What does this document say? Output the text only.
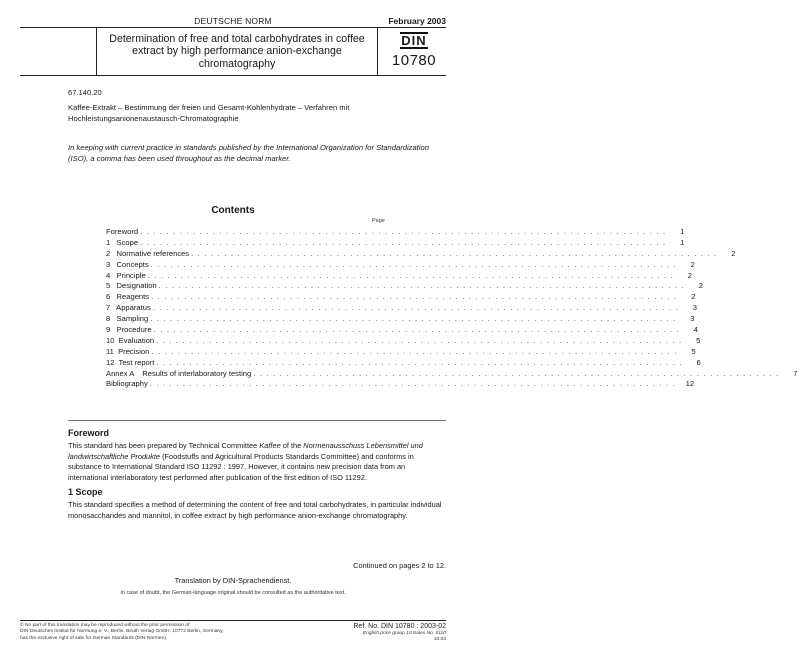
DEUTSCHE NORM	February 2003
Determination of free and total carbohydrates in coffee extract by high performance anion-exchange chromatography
DIN
10780
67.140.20
Kaffee-Extrakt – Bestimmung der freien und Gesamt-Kohlenhydrate – Verfahren mit Hochleistungsanionenaustausch-Chromatographie
In keeping with current practice in standards published by the International Organization for Standardization (ISO), a comma has been used throughout as the decimal marker.
Contents
Page
Foreword . . . . . . . . . . . . . . . . . . . . . . . . . . . . . . . . . . . . . . . . . . . . . . . . . . . . . . . . . . . . . . . . . . . . . . . . . . . . . . . .	1
1   Scope . . . . . . . . . . . . . . . . . . . . . . . . . . . . . . . . . . . . . . . . . . . . . . . . . . . . . . . . . . . . . . . . . . . . . . . . . . . . . . . .	1
2   Normative references . . . . . . . . . . . . . . . . . . . . . . . . . . . . . . . . . . . . . . . . . . . . . . . . . . . . . . . . . . . . . . . . . . . . . . . . . . . . . . . .	2
3   Concepts . . . . . . . . . . . . . . . . . . . . . . . . . . . . . . . . . . . . . . . . . . . . . . . . . . . . . . . . . . . . . . . . . . . . . . . . . . . . . . . .	2
4   Principle . . . . . . . . . . . . . . . . . . . . . . . . . . . . . . . . . . . . . . . . . . . . . . . . . . . . . . . . . . . . . . . . . . . . . . . . . . . . . . . .	2
5   Designation . . . . . . . . . . . . . . . . . . . . . . . . . . . . . . . . . . . . . . . . . . . . . . . . . . . . . . . . . . . . . . . . . . . . . . . . . . . . . . . .	2
6   Reagents . . . . . . . . . . . . . . . . . . . . . . . . . . . . . . . . . . . . . . . . . . . . . . . . . . . . . . . . . . . . . . . . . . . . . . . . . . . . . . . .	2
7   Apparatus . . . . . . . . . . . . . . . . . . . . . . . . . . . . . . . . . . . . . . . . . . . . . . . . . . . . . . . . . . . . . . . . . . . . . . . . . . . . . . . .	3
8   Sampling . . . . . . . . . . . . . . . . . . . . . . . . . . . . . . . . . . . . . . . . . . . . . . . . . . . . . . . . . . . . . . . . . . . . . . . . . . . . . . . .	3
9   Procedure . . . . . . . . . . . . . . . . . . . . . . . . . . . . . . . . . . . . . . . . . . . . . . . . . . . . . . . . . . . . . . . . . . . . . . . . . . . . . . . .	4
10  Evaluation . . . . . . . . . . . . . . . . . . . . . . . . . . . . . . . . . . . . . . . . . . . . . . . . . . . . . . . . . . . . . . . . . . . . . . . . . . . . . . . .	5
11  Precision . . . . . . . . . . . . . . . . . . . . . . . . . . . . . . . . . . . . . . . . . . . . . . . . . . . . . . . . . . . . . . . . . . . . . . . . . . . . . . . .	5
12  Test report . . . . . . . . . . . . . . . . . . . . . . . . . . . . . . . . . . . . . . . . . . . . . . . . . . . . . . . . . . . . . . . . . . . . . . . . . . . . . . . .	6
Annex A    Results of interlaboratory testing . . . . . . . . . . . . . . . . . . . . . . . . . . . . . . . . . . . . . . . . . . . . . . . . . . . . . . . . . . . . . . . . . . . . . . . . . . . . . . . .	7
Bibliography . . . . . . . . . . . . . . . . . . . . . . . . . . . . . . . . . . . . . . . . . . . . . . . . . . . . . . . . . . . . . . . . . . . . . . . . . . . . . . . .	12
Foreword
This standard has been prepared by Technical Committee Kaffee of the Normenausschuss Lebensmittel und landwirtschaftliche Produkte (Foodstuffs and Agricultural Products Standards Committee) and conforms in substance to International Standard ISO 11292 : 1997. However, it contains new precision data from an international interlaboratory test performed after publication of the first edition of ISO 11292.
1 Scope
This standard specifies a method of determining the content of free and total carbohydrates, in particular individual monosaccharides and mannitol, in coffee extract by high performance anion-exchange chromatography.
Continued on pages 2 to 12.
Translation by DIN-Sprachendienst.
In case of doubt, the German-language original should be consulted as the authoritative text.
© No part of this translation may be reproduced without the prior permission of
DIN Deutsches Institut für Normung e. V., Berlin. Beuth Verlag GmbH, 10772 Berlin, Germany,
has the exclusive right of sale for German Standards (DIN-Normen).
Ref. No. DIN 10780 : 2003-02
English price group 10 Sales No. 0110
10.03
